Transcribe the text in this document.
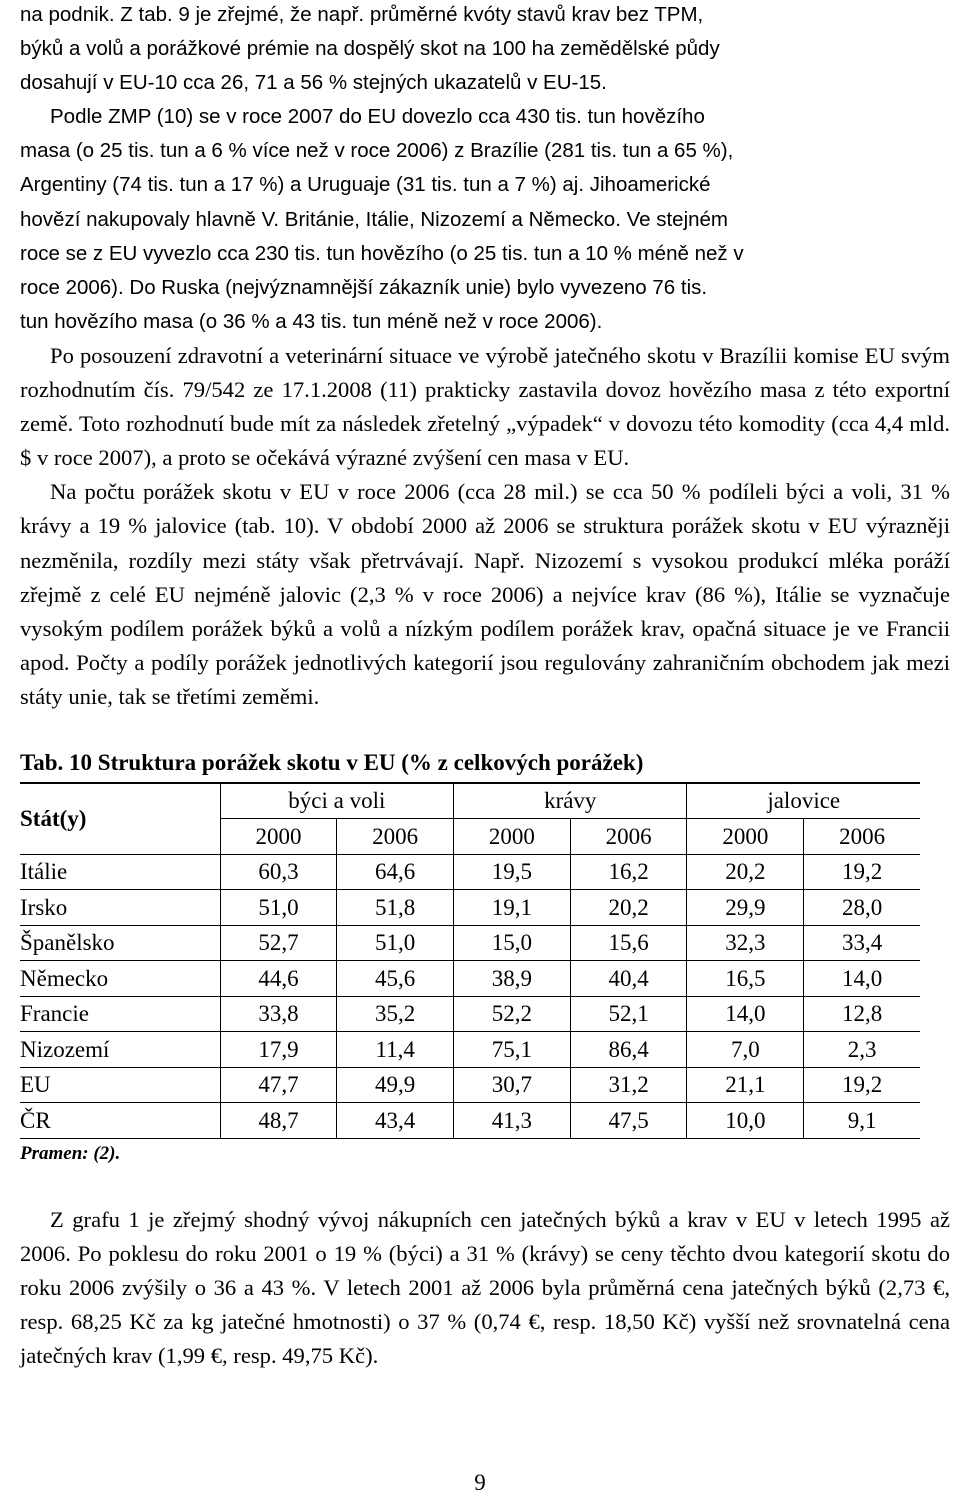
na podnik. Z tab. 9 je zřejmé, že např. průměrné kvóty stavů krav bez TPM,
býků a volů a porážkové prémie na dospělý skot na 100 ha zemědělské půdy
dosahují v EU-10 cca 26, 71 a 56 % stejných ukazatelů v EU-15.
Podle ZMP (10) se v roce 2007 do EU dovezlo cca 430 tis. tun hovězího
masa (o 25 tis. tun a 6 % více než v roce 2006) z Brazílie (281 tis. tun a 65 %),
Argentiny (74 tis. tun a 17 %) a Uruguaje (31 tis. tun a 7 %) aj. Jihoamerické
hovězí nakupovaly hlavně V. Británie, Itálie, Nizozemí a Německo. Ve stejném
roce se z EU vyvezlo cca 230 tis. tun hovězího (o 25 tis. tun a 10 % méně než v
roce 2006). Do Ruska (nejvýznamnější zákazník unie) bylo vyvezeno 76 tis.
tun hovězího masa (o 36 % a 43 tis. tun méně než v roce 2006).

Po posouzení zdravotní a veterinární situace ve výrobě jatečného skotu v Brazílii komise EU svým rozhodnutím čís. 79/542 ze 17.1.2008 (11) prakticky zastavila dovoz hovězího masa z této exportní země. Toto rozhodnutí bude mít za následek zřetelný „výpadek“ v dovozu této komodity (cca 4,4 mld. $ v roce 2007), a proto se očekává výrazné zvýšení cen masa v EU.

Na počtu porážek skotu v EU v roce 2006 (cca 28 mil.) se cca 50 % podíleli býci a voli, 31 % krávy a 19 % jalovice (tab. 10). V období 2000 až 2006 se struktura porážek skotu v EU výrazněji nezměnila, rozdíly mezi státy však přetrvávají. Např. Nizozemí s vysokou produkcí mléka poráží zřejmě z celé EU nejméně jalovic (2,3 % v roce 2006) a nejvíce krav (86 %), Itálie se vyznačuje vysokým podílem porážek býků a volů a nízkým podílem porážek krav, opačná situace je ve Francii apod. Počty a podíly porážek jednotlivých kategorií jsou regulovány zahraničním obchodem jak mezi státy unie, tak se třetími zeměmi.

Tab. 10 Struktura porážek skotu v EU (% z celkových porážek)
Stát(y)	býci a voli		krávy		jalovice	
	2000	2006	2000	2006	2000	2006
Itálie	60,3	64,6	19,5	16,2	20,2	19,2
Irsko	51,0	51,8	19,1	20,2	29,9	28,0
Španělsko	52,7	51,0	15,0	15,6	32,3	33,4
Německo	44,6	45,6	38,9	40,4	16,5	14,0
Francie	33,8	35,2	52,2	52,1	14,0	12,8
Nizozemí	17,9	11,4	75,1	86,4	7,0	2,3
EU	47,7	49,9	30,7	31,2	21,1	19,2
ČR	48,7	43,4	41,3	47,5	10,0	9,1
Pramen: (2).

Z grafu 1 je zřejmý shodný vývoj nákupních cen jatečných býků a krav v EU v letech 1995 až 2006. Po poklesu do roku 2001 o 19 % (býci) a 31 % (krávy) se ceny těchto dvou kategorií skotu do roku 2006 zvýšily o 36 a 43 %. V letech 2001 až 2006 byla průměrná cena jatečných býků (2,73 €, resp. 68,25 Kč za kg jatečné hmotnosti) o 37 % (0,74 €, resp. 18,50 Kč) vyšší než srovnatelná cena jatečných krav (1,99 €, resp. 49,75 Kč).

9
